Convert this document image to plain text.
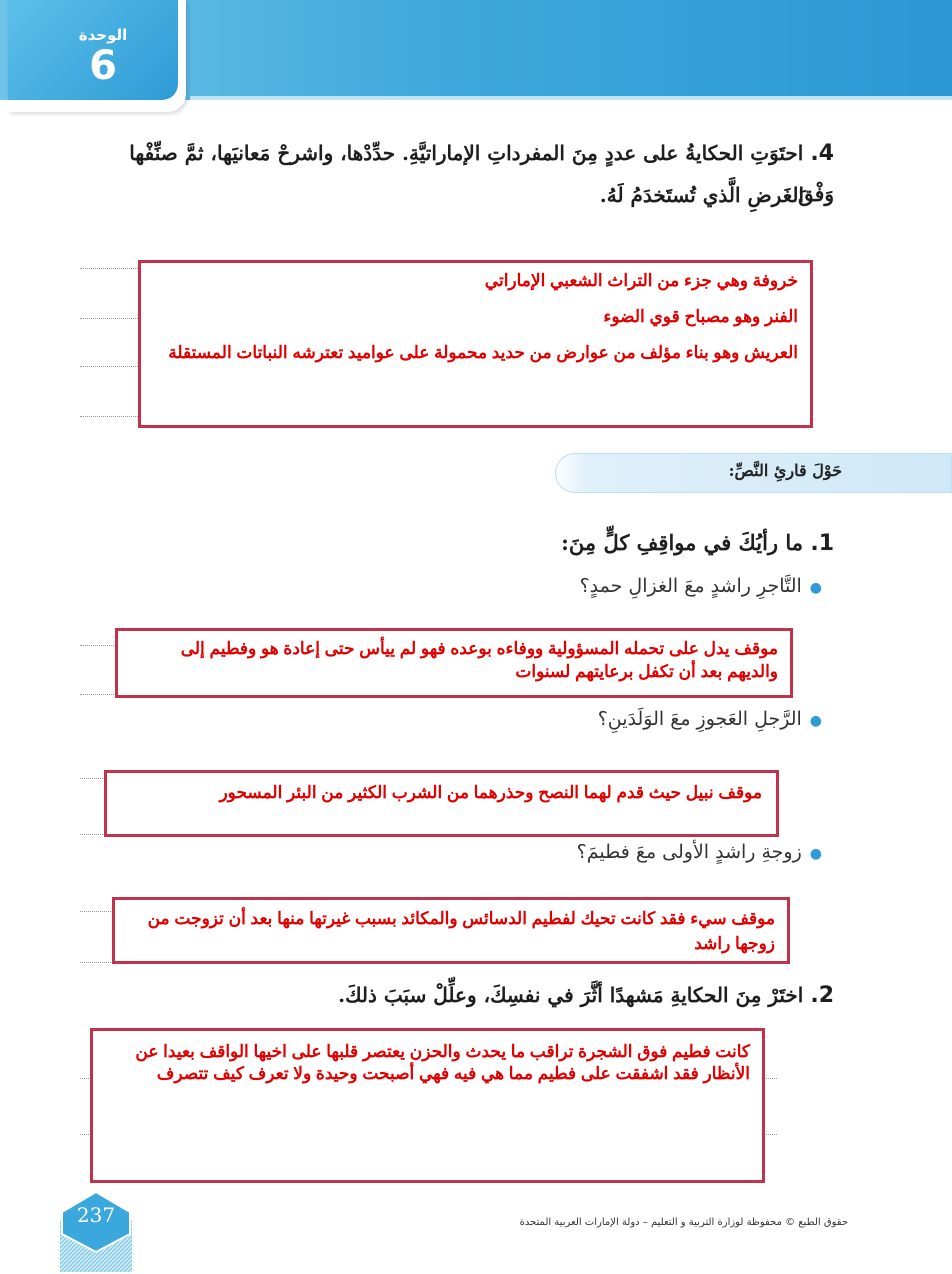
الوحدة
6
4. احتَوَتِ الحكايةُ على عددٍ مِنَ المفرداتِ الإماراتيَّةِ. حدِّدْها، واشرحْ مَعانيَها، ثمَّ صنِّفْها وَفْقَ
الغَرضِ الَّذي تُستَخدَمُ لَهُ.
خروفة وهي جزء من التراث الشعبي الإماراتي
الفنر وهو مصباح قوي الضوء
العريش وهو بناء مؤلف من عوارض من حديد محمولة على عواميد تعترشه النباتات المستقلة
حَوْلَ قارئِ النَّصِّ:
1. ما رأيُكَ في مواقِفِ كلٍّ مِنَ:
●التَّاجرِ راشدٍ معَ الغزالِ حمدٍ؟
موقف يدل على تحمله المسؤولية ووفاءه بوعده فهو لم ييأس حتى إعادة هو وفطيم إلى والديهم بعد أن تكفل برعايتهم لسنوات
●الرَّجلِ العَجوزِ معَ الوَلَدَينِ؟
موقف نبيل حيث قدم لهما النصح وحذرهما من الشرب الكثير من البئر المسحور
●زوجةِ راشدٍ الأولى معَ فطيمَ؟
موقف سيء فقد كانت تحيك لفطيم الدسائس والمكائد بسبب غيرتها منها بعد أن تزوجت من زوجها راشد
2. اختَرْ مِنَ الحكايةِ مَشهدًا أثَّرَ في نفسِكَ، وعلِّلْ سبَبَ ذلكَ.
كانت فطيم فوق الشجرة تراقب ما يحدث والحزن يعتصر قلبها على اخيها الواقف بعيدا عن الأنظار فقد اشفقت على فطيم مما هي فيه فهي أصبحت وحيدة ولا تعرف كيف تتصرف
237	حقوق الطبع © محفوظة لوزارة التربية و التعليم – دولة الإمارات العربية المتحدة
